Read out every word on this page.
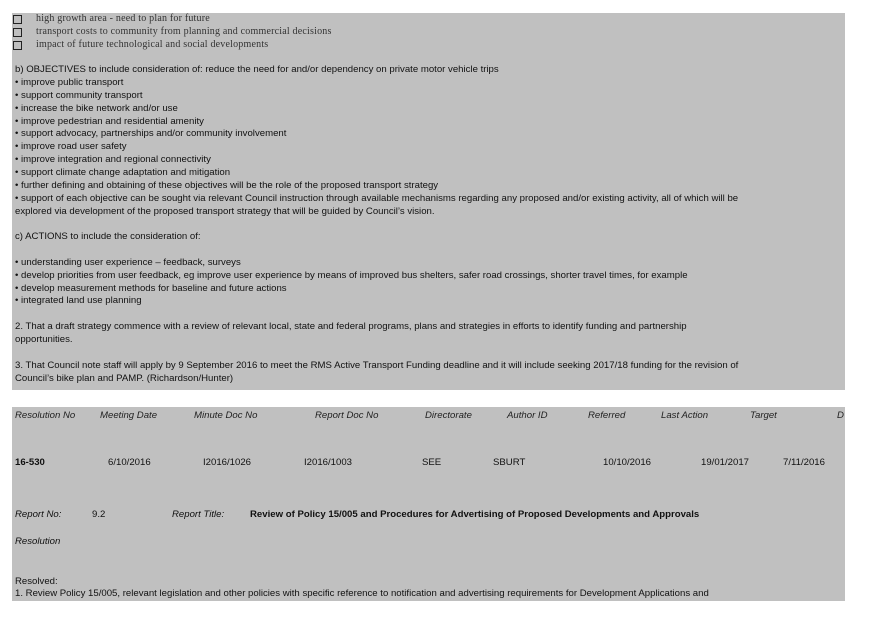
high growth area - need to plan for future
transport costs to community from planning and commercial decisions
impact of future technological and social developments
b) OBJECTIVES to include consideration of: reduce the need for and/or dependency on private motor vehicle trips
• improve public transport
• support community transport
• increase the bike network and/or use
• improve pedestrian and residential amenity
• support advocacy, partnerships and/or community involvement
• improve road user safety
• improve integration and regional connectivity
• support climate change adaptation and mitigation
• further defining and obtaining of these objectives will be the role of the proposed transport strategy
• support of each objective can be sought via relevant Council instruction through available mechanisms regarding any proposed and/or existing activity, all of which will be
explored via development of the proposed transport strategy that will be guided by Council’s vision.
c) ACTIONS to include the consideration of:
• understanding user experience – feedback, surveys
• develop priorities from user feedback, eg improve user experience by means of improved bus shelters, safer road crossings, shorter travel times, for example
• develop measurement methods for baseline and future actions
• integrated land use planning
2. That a draft strategy commence with a review of relevant local, state and federal programs, plans and strategies in efforts to identify funding and partnership
opportunities.
3. That Council note staff will apply by 9 September 2016 to meet the RMS Active Transport Funding deadline and it will include seeking 2017/18 funding for the revision of
Council’s bike plan and PAMP. (Richardson/Hunter)
Resolution No	Meeting Date	Minute Doc No	Report Doc No	Directorate	Author ID	Referred	Last Action	Target	D
16-530	6/10/2016	I2016/1026	I2016/1003	SEE	SBURT	10/10/2016	19/01/2017	7/11/2016
Report No:	9.2	Report Title:	Review of Policy 15/005 and Procedures for Advertising of Proposed Developments and Approvals
Resolution
Resolved:
1. Review Policy 15/005, relevant legislation and other policies with specific reference to notification and advertising requirements for Development Applications and
